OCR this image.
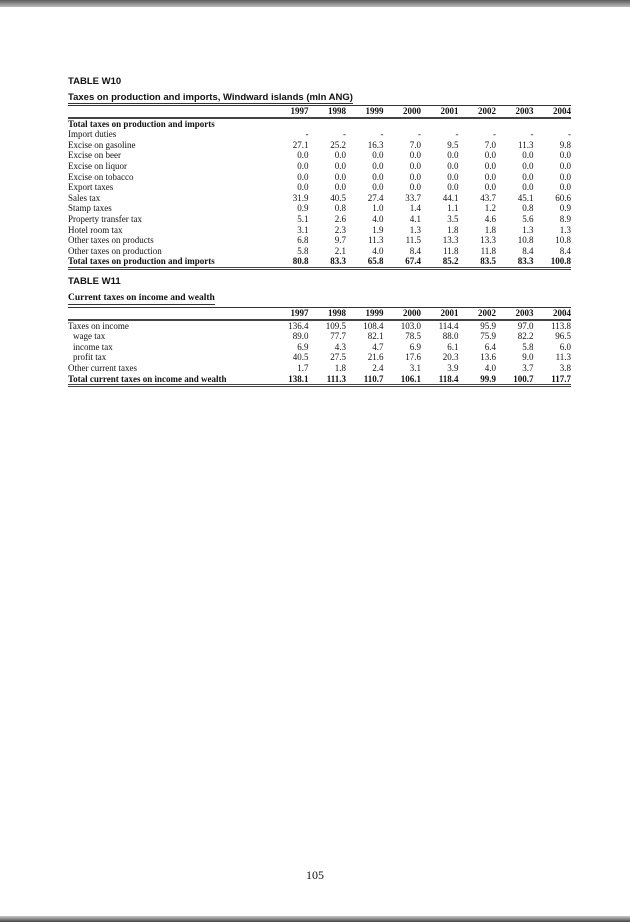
TABLE W10
Taxes on production and imports, Windward islands (mln ANG)
	1997	1998	1999	2000	2001	2002	2003	2004
Total taxes on production and imports								
Import duties	-	-	-	-	-	-	-	-
Excise on gasoline	27.1	25.2	16.3	7.0	9.5	7.0	11.3	9.8
Excise on beer	0.0	0.0	0.0	0.0	0.0	0.0	0.0	0.0
Excise on liquor	0.0	0.0	0.0	0.0	0.0	0.0	0.0	0.0
Excise on tobacco	0.0	0.0	0.0	0.0	0.0	0.0	0.0	0.0
Export taxes	0.0	0.0	0.0	0.0	0.0	0.0	0.0	0.0
Sales tax	31.9	40.5	27.4	33.7	44.1	43.7	45.1	60.6
Stamp taxes	0.9	0.8	1.0	1.4	1.1	1.2	0.8	0.9
Property transfer tax	5.1	2.6	4.0	4.1	3.5	4.6	5.6	8.9
Hotel room tax	3.1	2.3	1.9	1.3	1.8	1.8	1.3	1.3
Other taxes on products	6.8	9.7	11.3	11.5	13.3	13.3	10.8	10.8
Other taxes on production	5.8	2.1	4.0	8.4	11.8	11.8	8.4	8.4
Total taxes on production and imports	80.8	83.3	65.8	67.4	85.2	83.5	83.3	100.8
TABLE W11
Current taxes on income and wealth
	1997	1998	1999	2000	2001	2002	2003	2004
Taxes on income	136.4	109.5	108.4	103.0	114.4	95.9	97.0	113.8
wage tax	89.0	77.7	82.1	78.5	88.0	75.9	82.2	96.5
income tax	6.9	4.3	4.7	6.9	6.1	6.4	5.8	6.0
profit tax	40.5	27.5	21.6	17.6	20.3	13.6	9.0	11.3
Other current taxes	1.7	1.8	2.4	3.1	3.9	4.0	3.7	3.8
Total current taxes on income and wealth	138.1	111.3	110.7	106.1	118.4	99.9	100.7	117.7
105
